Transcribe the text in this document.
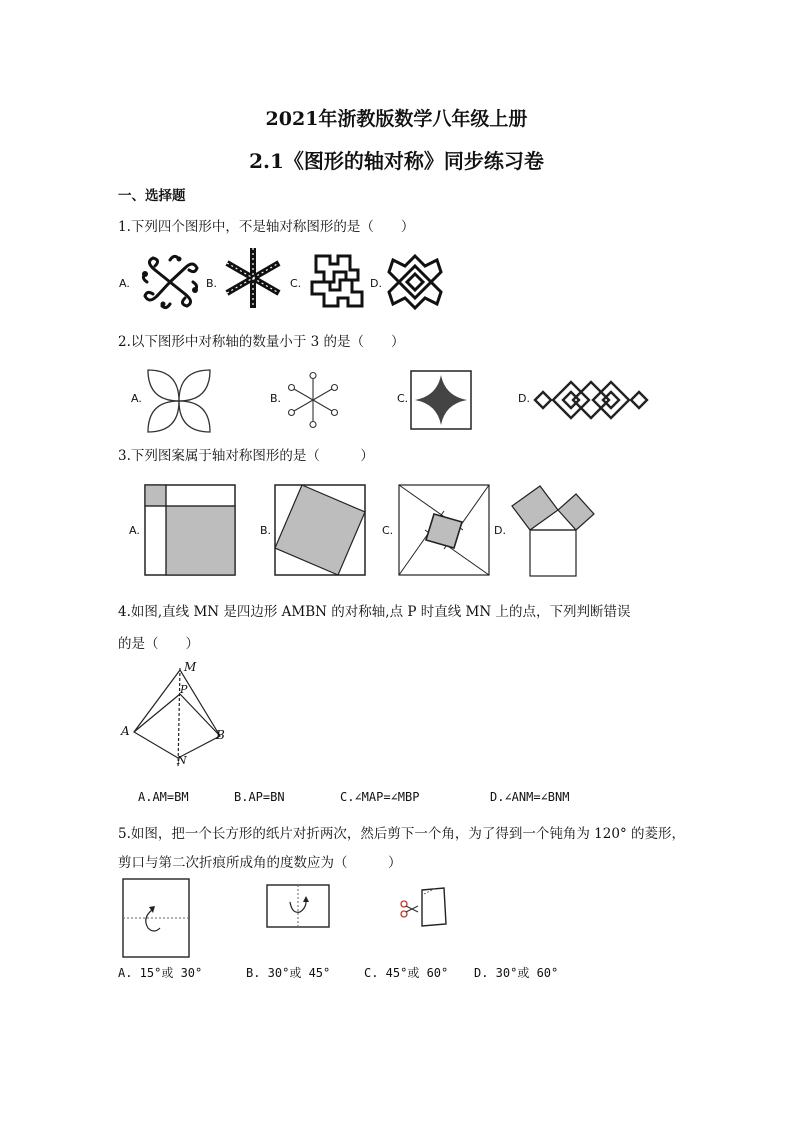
2021年浙教版数学八年级上册
2.1《图形的轴对称》同步练习卷
一、选择题
1.下列四个图形中，不是轴对称图形的是（　　）
A.	B.	C.	D.
2.以下图形中对称轴的数量小于 3 的是（　　）
A.	B.	C.	D.
3.下列图案属于轴对称图形的是（　　　）
A.	B.	C.	D.
4.如图,直线 MN 是四边形 AMBN 的对称轴,点 P 时直线 MN 上的点，下列判断错误
的是（　　）
M
P
A	B
N
A.AM=BM	B.AP=BN	C.∠MAP=∠MBP	D.∠ANM=∠BNM
5.如图，把一个长方形的纸片对折两次，然后剪下一个角，为了得到一个钝角为 120° 的菱形，
剪口与第二次折痕所成角的度数应为（　　　）
A. 15°或 30°	B. 30°或 45°	C. 45°或 60° D. 30°或 60°
